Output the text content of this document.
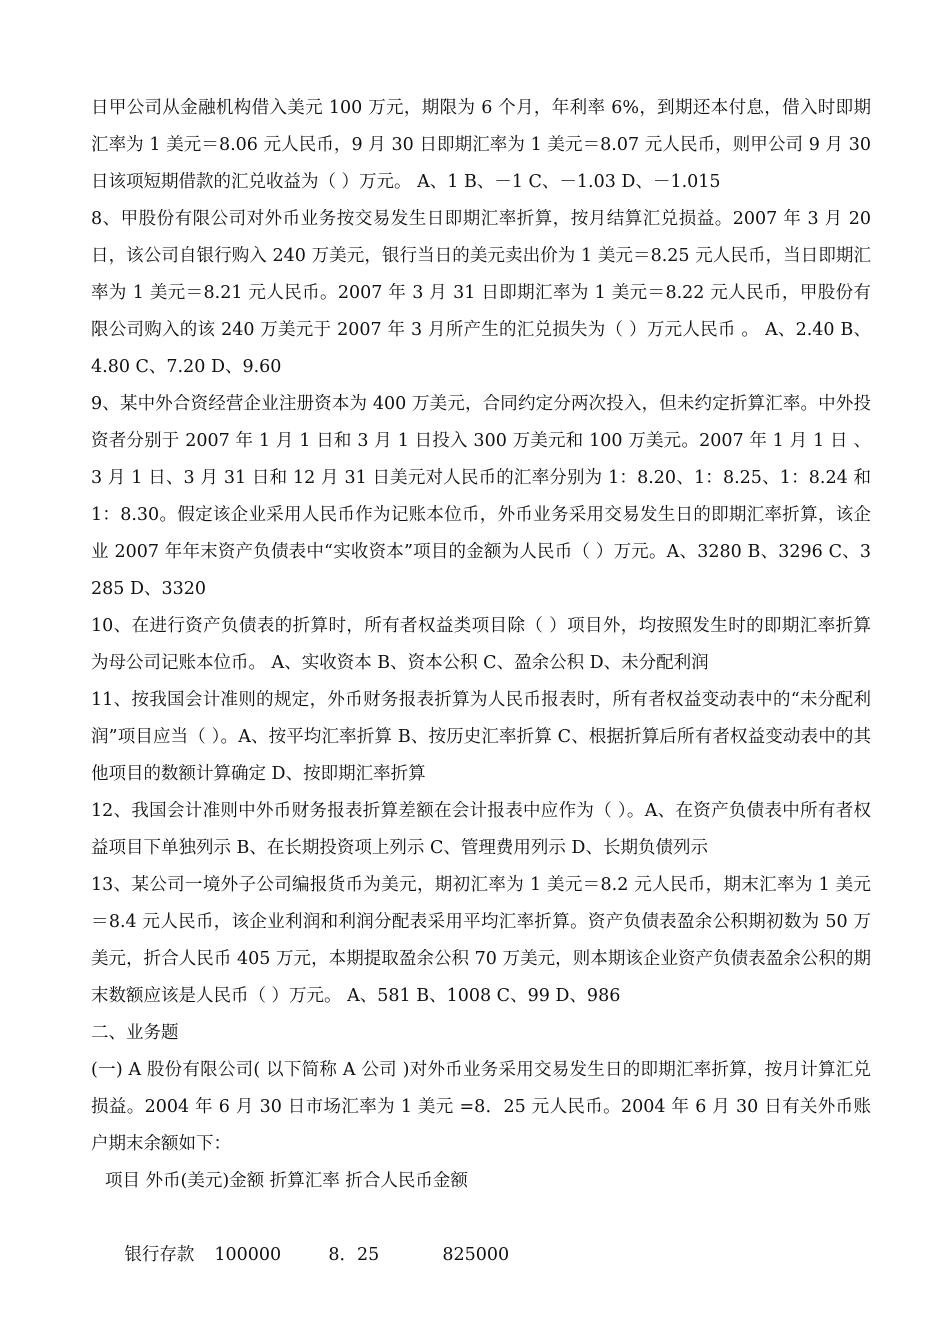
日甲公司从金融机构借入美元 100 万元，期限为 6 个月，年利率 6%，到期还本付息，借入时即期汇率为 1 美元＝8.06 元人民币，9 月 30 日即期汇率为 1 美元＝8.07 元人民币，则甲公司 9 月 30 日该项短期借款的汇兑收益为（ ）万元。 A、1 B、－1 C、－1.03 D、－1.015

8、甲股份有限公司对外币业务按交易发生日即期汇率折算，按月结算汇兑损益。2007 年 3 月 20 日，该公司自银行购入 240 万美元，银行当日的美元卖出价为 1 美元＝8.25 元人民币，当日即期汇率为 1 美元＝8.21 元人民币。2007 年 3 月 31 日即期汇率为 1 美元＝8.22 元人民币，甲股份有限公司购入的该 240 万美元于 2007 年 3 月所产生的汇兑损失为（ ）万元人民币 。 A、2.40 B、4.80 C、7.20 D、9.60

9、某中外合资经营企业注册资本为 400 万美元，合同约定分两次投入，但未约定折算汇率。中外投资者分别于 2007 年 1 月 1 日和 3 月 1 日投入 300 万美元和 100 万美元。2007 年 1 月 1 日 、3 月 1 日、3 月 31 日和 12 月 31 日美元对人民币的汇率分别为 1：8.20、1：8.25、1：8.24 和 1：8.30。假定该企业采用人民币作为记账本位币，外币业务采用交易发生日的即期汇率折算，该企业 2007 年年末资产负债表中“实收资本”项目的金额为人民币（ ）万元。A、3280 B、3296 C、3285 D、3320

10、在进行资产负债表的折算时，所有者权益类项目除（ ）项目外，均按照发生时的即期汇率折算为母公司记账本位币。 A、实收资本 B、资本公积 C、盈余公积 D、未分配利润

11、按我国会计准则的规定，外币财务报表折算为人民币报表时，所有者权益变动表中的“未分配利润”项目应当（ ）。A、按平均汇率折算 B、按历史汇率折算 C、根据折算后所有者权益变动表中的其他项目的数额计算确定 D、按即期汇率折算

12、我国会计准则中外币财务报表折算差额在会计报表中应作为（ ）。A、在资产负债表中所有者权益项目下单独列示 B、在长期投资项上列示 C、管理费用列示 D、长期负债列示

13、某公司一境外子公司编报货币为美元，期初汇率为 1 美元＝8.2 元人民币，期末汇率为 1 美元＝8.4 元人民币，该企业利润和利润分配表采用平均汇率折算。资产负债表盈余公积期初数为 50 万美元，折合人民币 405 万元，本期提取盈余公积 70 万美元，则本期该企业资产负债表盈余公积的期末数额应该是人民币（ ）万元。 A、581 B、1008 C、99 D、986

二、业务题

(一) A 股份有限公司( 以下简称 A 公司 )对外币业务采用交易发生日的即期汇率折算，按月计算汇兑损益。2004 年 6 月 30 日市场汇率为 1 美元 =8．25 元人民币。2004 年 6 月 30 日有关外币账户期末余额如下：

项目 外币(美元)金额 折算汇率 折合人民币金额

银行存款 100000	8．25	825000
